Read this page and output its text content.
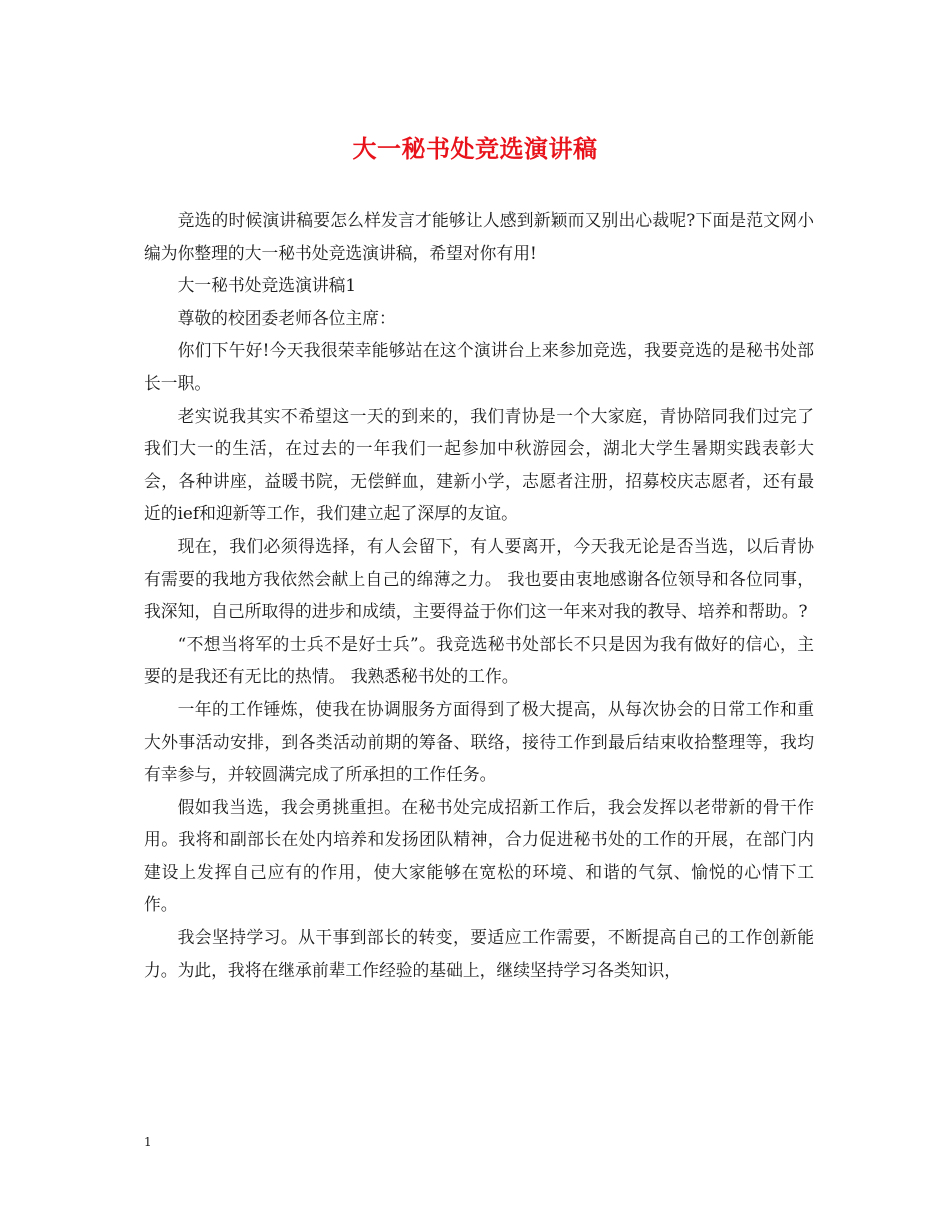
大一秘书处竞选演讲稿

竞选的时候演讲稿要怎么样发言才能够让人感到新颖而又别出心裁呢?下面是范文网小编为你整理的大一秘书处竞选演讲稿，希望对你有用!

大一秘书处竞选演讲稿1

尊敬的校团委老师各位主席：

你们下午好!今天我很荣幸能够站在这个演讲台上来参加竞选，我要竞选的是秘书处部长一职。

老实说我其实不希望这一天的到来的，我们青协是一个大家庭，青协陪同我们过完了我们大一的生活，在过去的一年我们一起参加中秋游园会，湖北大学生暑期实践表彰大会，各种讲座，益暖书院，无偿鲜血，建新小学，志愿者注册，招募校庆志愿者，还有最近的ief和迎新等工作，我们建立起了深厚的友谊。

现在，我们必须得选择，有人会留下，有人要离开，今天我无论是否当选，以后青协有需要的我地方我依然会献上自己的绵薄之力。 我也要由衷地感谢各位领导和各位同事，我深知，自己所取得的进步和成绩，主要得益于你们这一年来对我的教导、培养和帮助。?

“不想当将军的士兵不是好士兵”。我竞选秘书处部长不只是因为我有做好的信心，主要的是我还有无比的热情。 我熟悉秘书处的工作。

一年的工作锤炼，使我在协调服务方面得到了极大提高，从每次协会的日常工作和重大外事活动安排，到各类活动前期的筹备、联络，接待工作到最后结束收拾整理等，我均有幸参与，并较圆满完成了所承担的工作任务。

假如我当选，我会勇挑重担。在秘书处完成招新工作后，我会发挥以老带新的骨干作用。我将和副部长在处内培养和发扬团队精神，合力促进秘书处的工作的开展，在部门内建设上发挥自己应有的作用，使大家能够在宽松的环境、和谐的气氛、愉悦的心情下工作。

我会坚持学习。从干事到部长的转变，要适应工作需要，不断提高自己的工作创新能力。为此，我将在继承前辈工作经验的基础上，继续坚持学习各类知识，

1
